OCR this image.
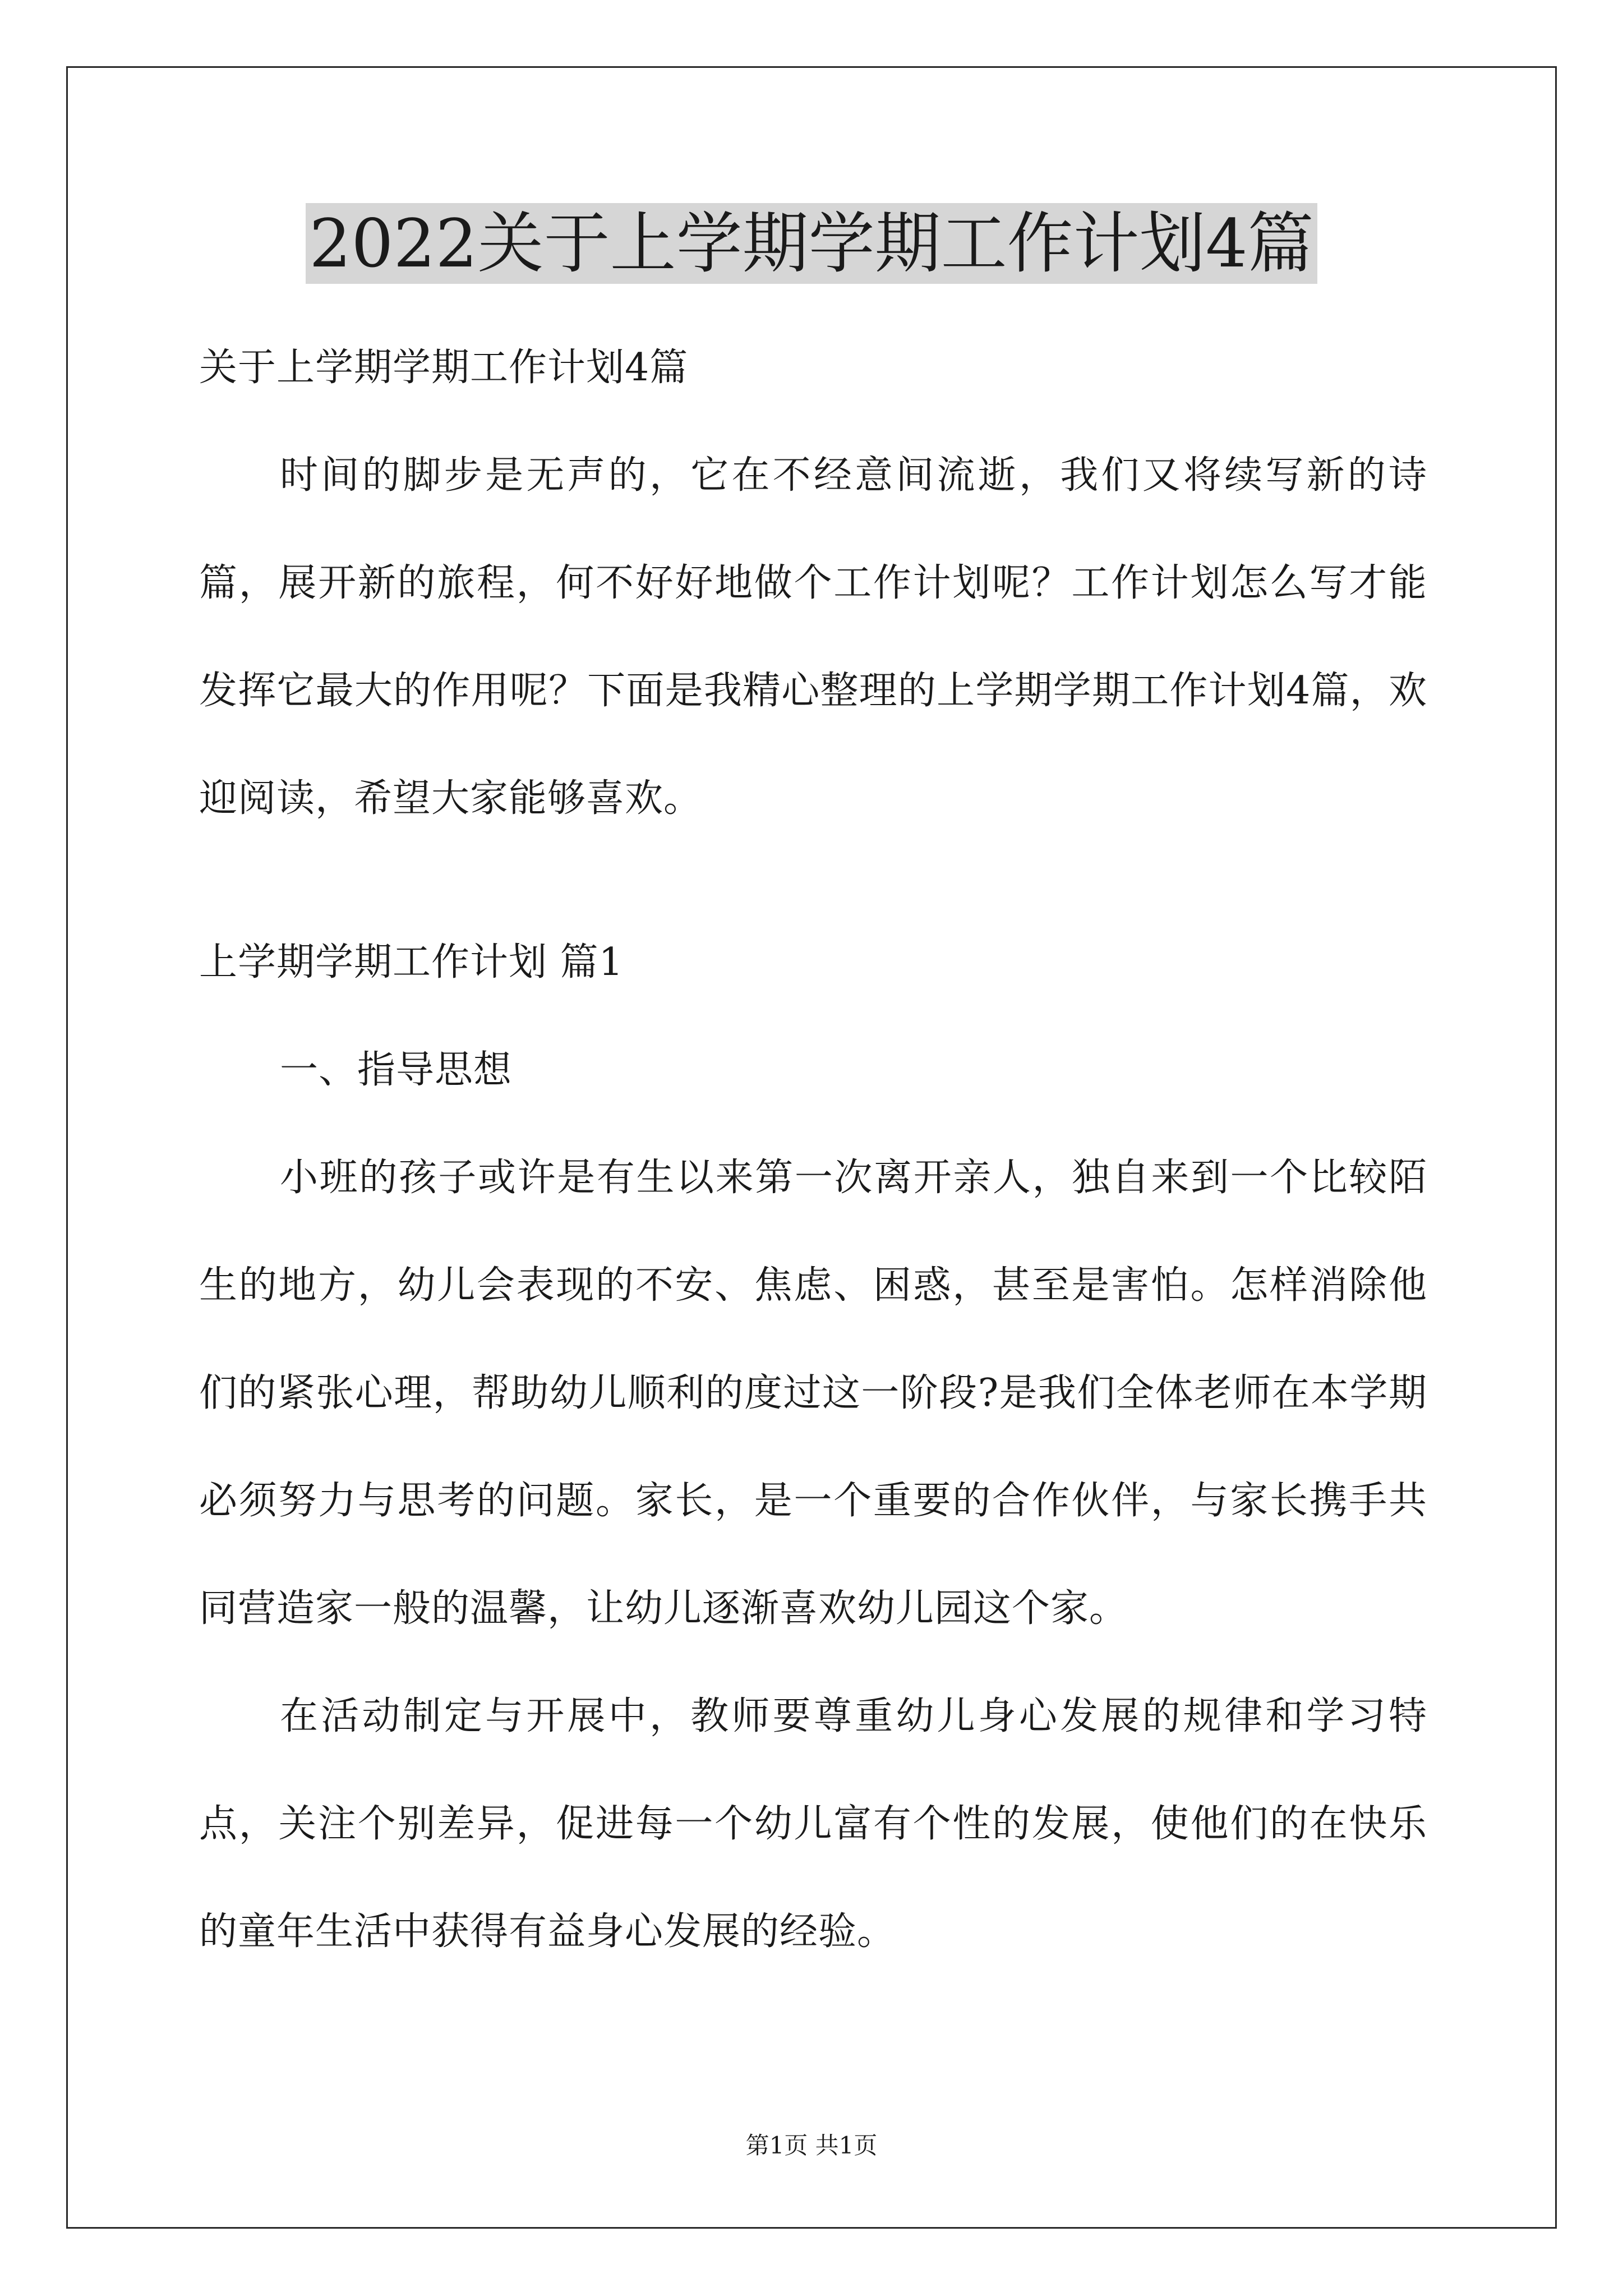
2022关于上学期学期工作计划4篇

关于上学期学期工作计划4篇

时间的脚步是无声的，它在不经意间流逝，我们又将续写新的诗篇，展开新的旅程，何不好好地做个工作计划呢？工作计划怎么写才能发挥它最大的作用呢？下面是我精心整理的上学期学期工作计划4篇，欢迎阅读，希望大家能够喜欢。

上学期学期工作计划 篇1

一、指导思想

小班的孩子或许是有生以来第一次离开亲人，独自来到一个比较陌生的地方，幼儿会表现的不安、焦虑、困惑，甚至是害怕。怎样消除他们的紧张心理，帮助幼儿顺利的度过这一阶段?是我们全体老师在本学期必须努力与思考的问题。家长，是一个重要的合作伙伴，与家长携手共同营造家一般的温馨，让幼儿逐渐喜欢幼儿园这个家。

在活动制定与开展中，教师要尊重幼儿身心发展的规律和学习特点，关注个别差异，促进每一个幼儿富有个性的发展，使他们的在快乐的童年生活中获得有益身心发展的经验。

第1页 共1页
